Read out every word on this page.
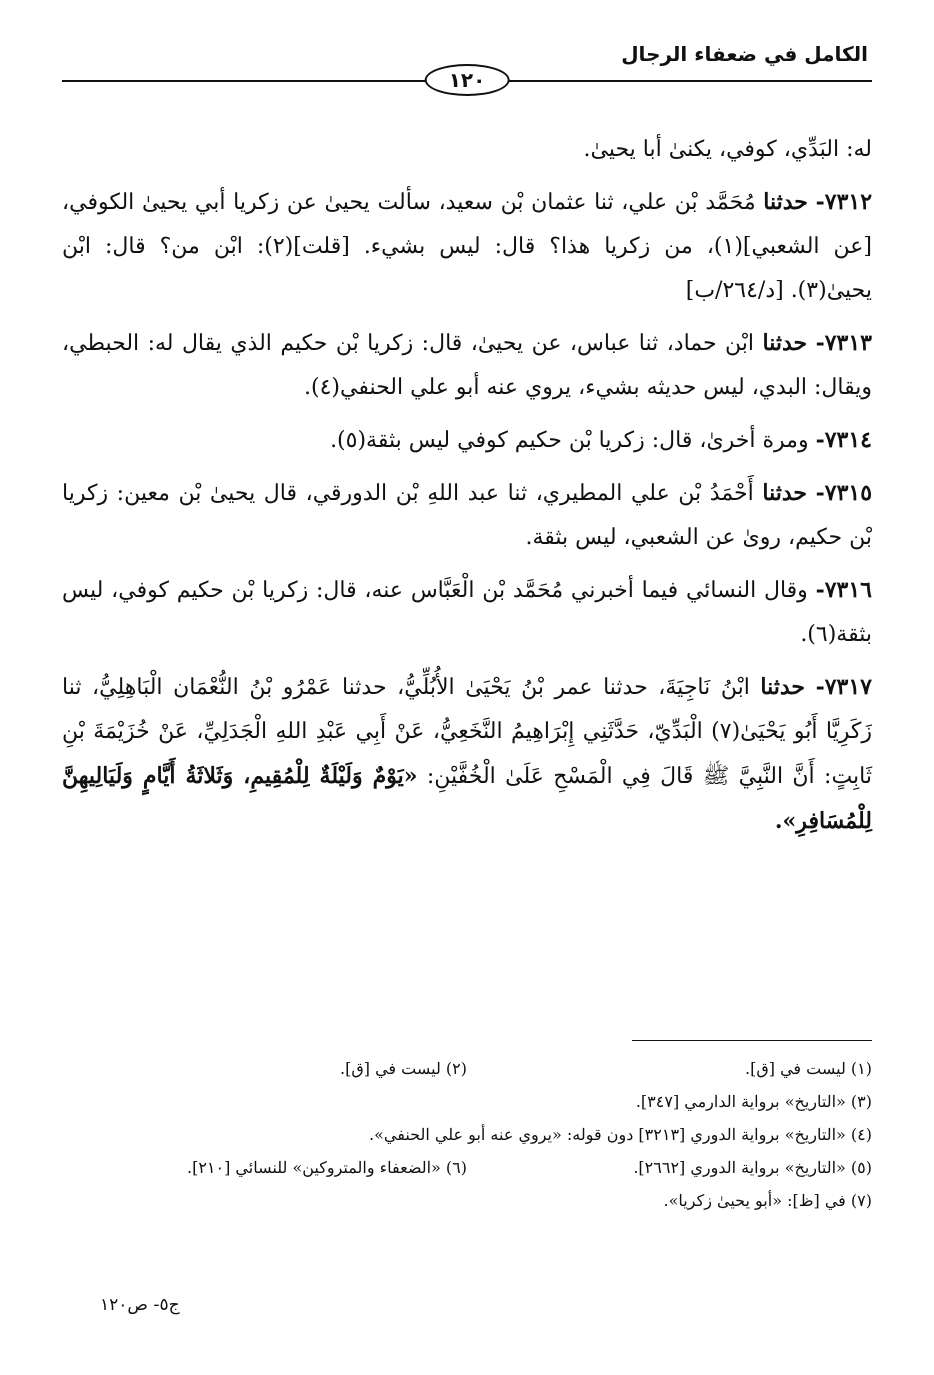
الكامل في ضعفاء الرجال
١٢٠

له: البَدِّي، كوفي، يكنىٰ أبا يحيىٰ.

٧٣١٢- حدثنا مُحَمَّد بْن علي، ثنا عثمان بْن سعيد، سألت يحيىٰ عن زكريا أبي يحيىٰ الكوفي، [عن الشعبي](١)، من زكريا هذا؟ قال: ليس بشيء. [قلت](٢): ابْن من؟ قال: ابْن يحيىٰ(٣). [د/٢٦٤/ب]

٧٣١٣- حدثنا ابْن حماد، ثنا عباس، عن يحيىٰ، قال: زكريا بْن حكيم الذي يقال له: الحبطي، ويقال: البدي، ليس حديثه بشيء، يروي عنه أبو علي الحنفي(٤).

٧٣١٤- ومرة أخرىٰ، قال: زكريا بْن حكيم كوفي ليس بثقة(٥).

٧٣١٥- حدثنا أَحْمَدُ بْن علي المطيري، ثنا عبد اللهِ بْن الدورقي، قال يحيىٰ بْن معين: زكريا بْن حكيم، روىٰ عن الشعبي، ليس بثقة.

٧٣١٦- وقال النسائي فيما أخبرني مُحَمَّد بْن الْعَبَّاس عنه، قال: زكريا بْن حكيم كوفي، ليس بثقة(٦).

٧٣١٧- حدثنا ابْنُ نَاجِيَةَ، حدثنا عمر بْنُ يَحْيَىٰ الأُبُلِّيُّ، حدثنا عَمْرُو بْنُ النُّعْمَان الْبَاهِلِيُّ، ثنا زَكَرِيَّا أَبُو يَحْيَىٰ(٧) الْبَدِّيّ، حَدَّثَنِي إِبْرَاهِيمُ النَّخَعِيُّ، عَنْ أَبِي عَبْدِ اللهِ الْجَدَلِيِّ، عَنْ خُزَيْمَةَ بْنِ ثَابِتٍ: أَنَّ النَّبِيَّ ﷺ قَالَ فِي الْمَسْحِ عَلَىٰ الْخُفَّيْنِ: «يَوْمٌ وَلَيْلَةٌ لِلْمُقِيمِ، وَثَلاثَةُ أَيَّامٍ وَلَيَالِيهِنَّ لِلْمُسَافِرِ».

(١) ليست في [ق].
(٢) ليست في [ق].
(٣) «التاريخ» برواية الدارمي [٣٤٧].
(٤) «التاريخ» برواية الدوري [٣٢١٣] دون قوله: «يروي عنه أبو علي الحنفي».
(٥) «التاريخ» برواية الدوري [٢٦٦٢].
(٦) «الضعفاء والمتروكين» للنسائي [٢١٠].
(٧) في [ظ]: «أبو يحيىٰ زكريا».
ج٥- ص١٢٠
